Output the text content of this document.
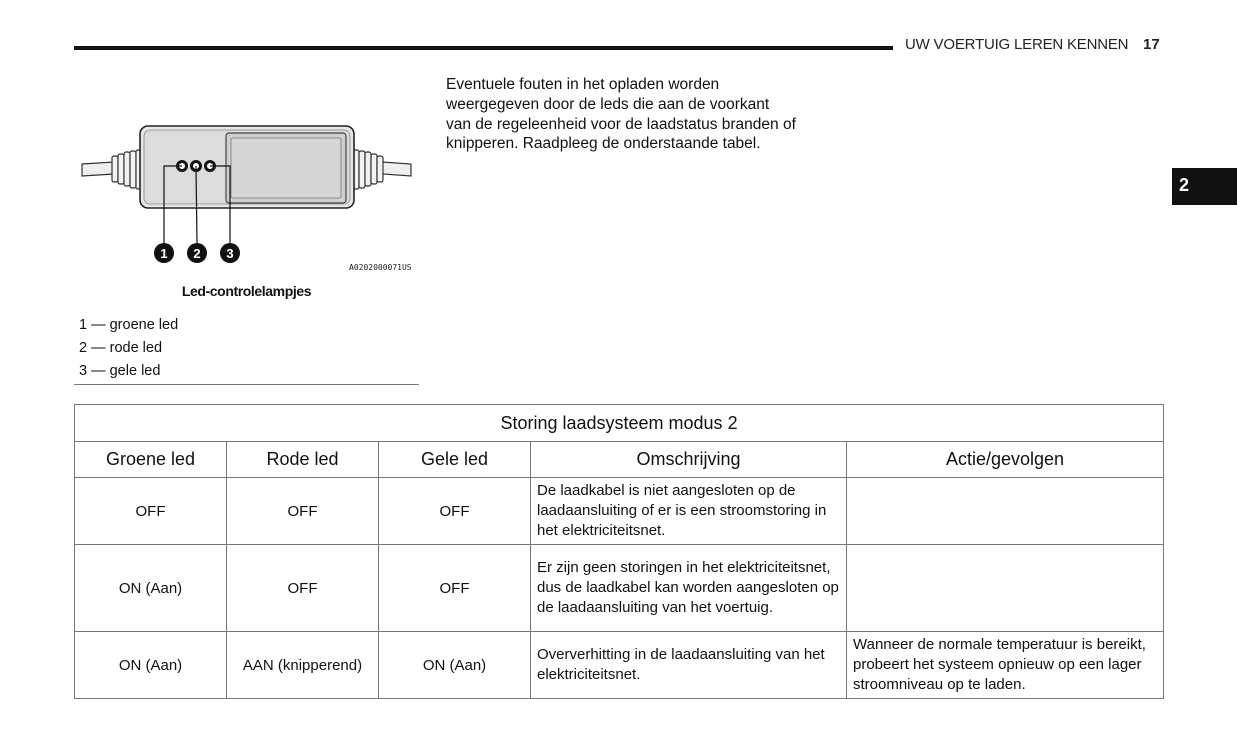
UW VOERTUIG LEREN KENNEN 17
2
1 2 3
A0202000071US
Led-controlelampjes
1 — groene led
2 — rode led
3 — gele led

Eventuele fouten in het opladen worden weergegeven door de leds die aan de voorkant van de regeleenheid voor de laadstatus branden of knipperen. Raadpleeg de onderstaande tabel.

Storing laadsysteem modus 2				
Groene led	Rode led	Gele led	Omschrijving	Actie/gevolgen
OFF	OFF	OFF	De laadkabel is niet aangesloten op de laadaansluiting of er is een stroomstoring in het elektriciteitsnet.	
ON (Aan)	OFF	OFF	Er zijn geen storingen in het elektriciteitsnet, dus de laadkabel kan worden aangesloten op de laadaansluiting van het voertuig.	
ON (Aan)	AAN (knipperend)	ON (Aan)	Oververhitting in de laadaansluiting van het elektriciteitsnet.	Wanneer de normale temperatuur is bereikt, probeert het systeem opnieuw op een lager stroomniveau op te laden.
